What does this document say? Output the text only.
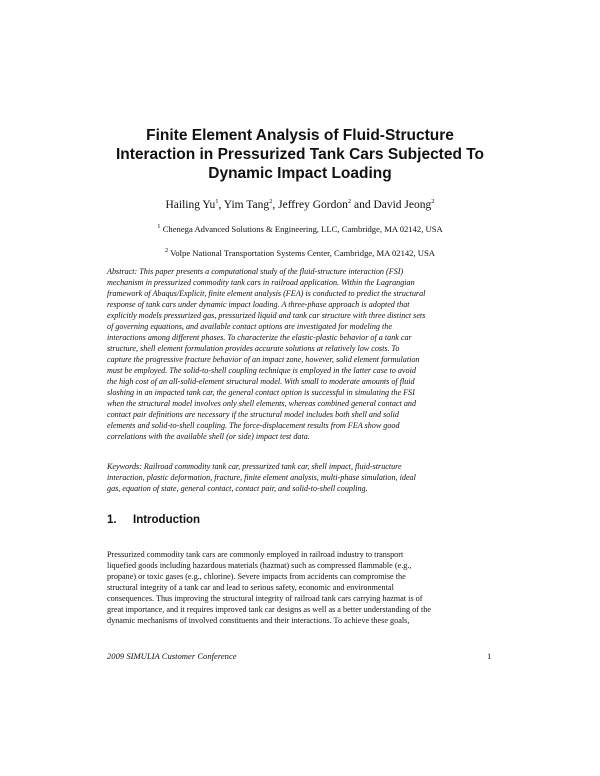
Finite Element Analysis of Fluid-Structure
Interaction in Pressurized Tank Cars Subjected To
Dynamic Impact Loading
Hailing Yu$^1$, Yim Tang$^2$, Jeffrey Gordon$^2$ and David Jeong$^2$
$^1$ Chenega Advanced Solutions & Engineering, LLC, Cambridge, MA 02142, USA
$^2$ Volpe National Transportation Systems Center, Cambridge, MA 02142, USA
Abstract: This paper presents a computational study of the fluid-structure interaction (FSI)
mechanism in pressurized commodity tank cars in railroad application. Within the Lagrangian
framework of Abaqus/Explicit, finite element analysis (FEA) is conducted to predict the structural
response of tank cars under dynamic impact loading. A three-phase approach is adopted that
explicitly models pressurized gas, pressurized liquid and tank car structure with three distinct sets
of governing equations, and available contact options are investigated for modeling the
interactions among different phases. To characterize the elastic-plastic behavior of a tank car
structure, shell element formulation provides accurate solutions at relatively low costs. To
capture the progressive fracture behavior of an impact zone, however, solid element formulation
must be employed. The solid-to-shell coupling technique is employed in the latter case to avoid
the high cost of an all-solid-element structural model. With small to moderate amounts of fluid
sloshing in an impacted tank car, the general contact option is successful in simulating the FSI
when the structural model involves only shell elements, whereas combined general contact and
contact pair definitions are necessary if the structural model includes both shell and solid
elements and solid-to-shell coupling. The force-displacement results from FEA show good
correlations with the available shell (or side) impact test data.
Keywords: Railroad commodity tank car, pressurized tank car, shell impact, fluid-structure
interaction, plastic deformation, fracture, finite element analysis, multi-phase simulation, ideal
gas, equation of state, general contact, contact pair, and solid-to-shell coupling.
1. Introduction
Pressurized commodity tank cars are commonly employed in railroad industry to transport
liquefied goods including hazardous materials (hazmat) such as compressed flammable (e.g.,
propane) or toxic gases (e.g., chlorine). Severe impacts from accidents can compromise the
structural integrity of a tank car and lead to serious safety, economic and environmental
consequences. Thus improving the structural integrity of railroad tank cars carrying hazmat is of
great importance, and it requires improved tank car designs as well as a better understanding of the
dynamic mechanisms of involved constituents and their interactions. To achieve these goals,
2009 SIMULIA Customer Conference	1
